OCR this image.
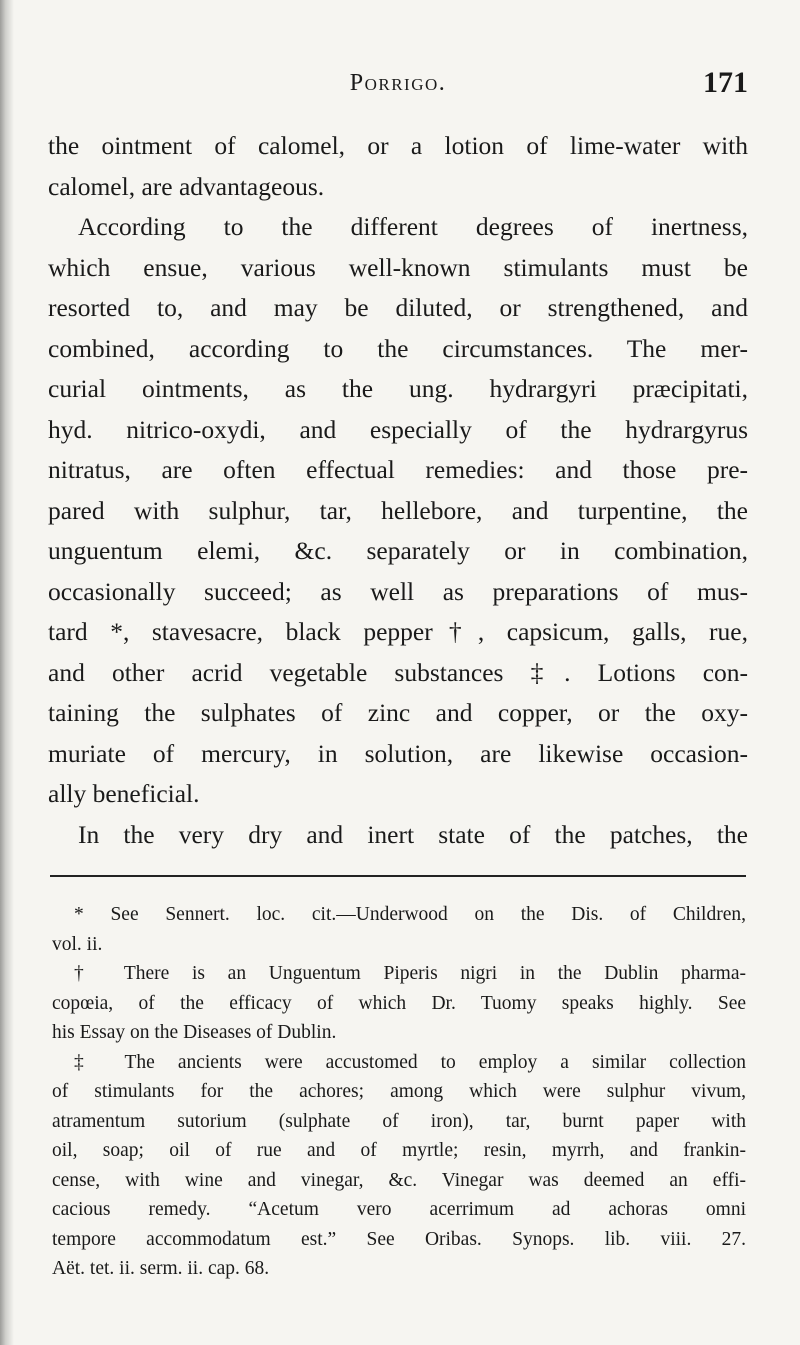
Porrigo.	171
the ointment of calomel, or a lotion of lime-water with
calomel, are advantageous.
According to the different degrees of inertness,
which ensue, various well-known stimulants must be
resorted to, and may be diluted, or strengthened, and
combined, according to the circumstances. The mer-
curial ointments, as the ung. hydrargyri præcipitati,
hyd. nitrico-oxydi, and especially of the hydrargyrus
nitratus, are often effectual remedies: and those pre-
pared with sulphur, tar, hellebore, and turpentine, the
unguentum elemi, &c. separately or in combination,
occasionally succeed; as well as preparations of mus-
tard *, stavesacre, black pepper†, capsicum, galls, rue,
and other acrid vegetable substances ‡. Lotions con-
taining the sulphates of zinc and copper, or the oxy-
muriate of mercury, in solution, are likewise occasion-
ally beneficial.
In the very dry and inert state of the patches, the
* See Sennert. loc. cit.—Underwood on the Dis. of Children,
vol. ii.
† There is an Unguentum Piperis nigri in the Dublin pharma-
copœia, of the efficacy of which Dr. Tuomy speaks highly. See
his Essay on the Diseases of Dublin.
‡ The ancients were accustomed to employ a similar collection
of stimulants for the achores; among which were sulphur vivum,
atramentum sutorium (sulphate of iron), tar, burnt paper with
oil, soap; oil of rue and of myrtle; resin, myrrh, and frankin-
cense, with wine and vinegar, &c. Vinegar was deemed an effi-
cacious remedy. “Acetum vero acerrimum ad achoras omni
tempore accommodatum est.” See Oribas. Synops. lib. viii. 27.
Aët. tet. ii. serm. ii. cap. 68.
